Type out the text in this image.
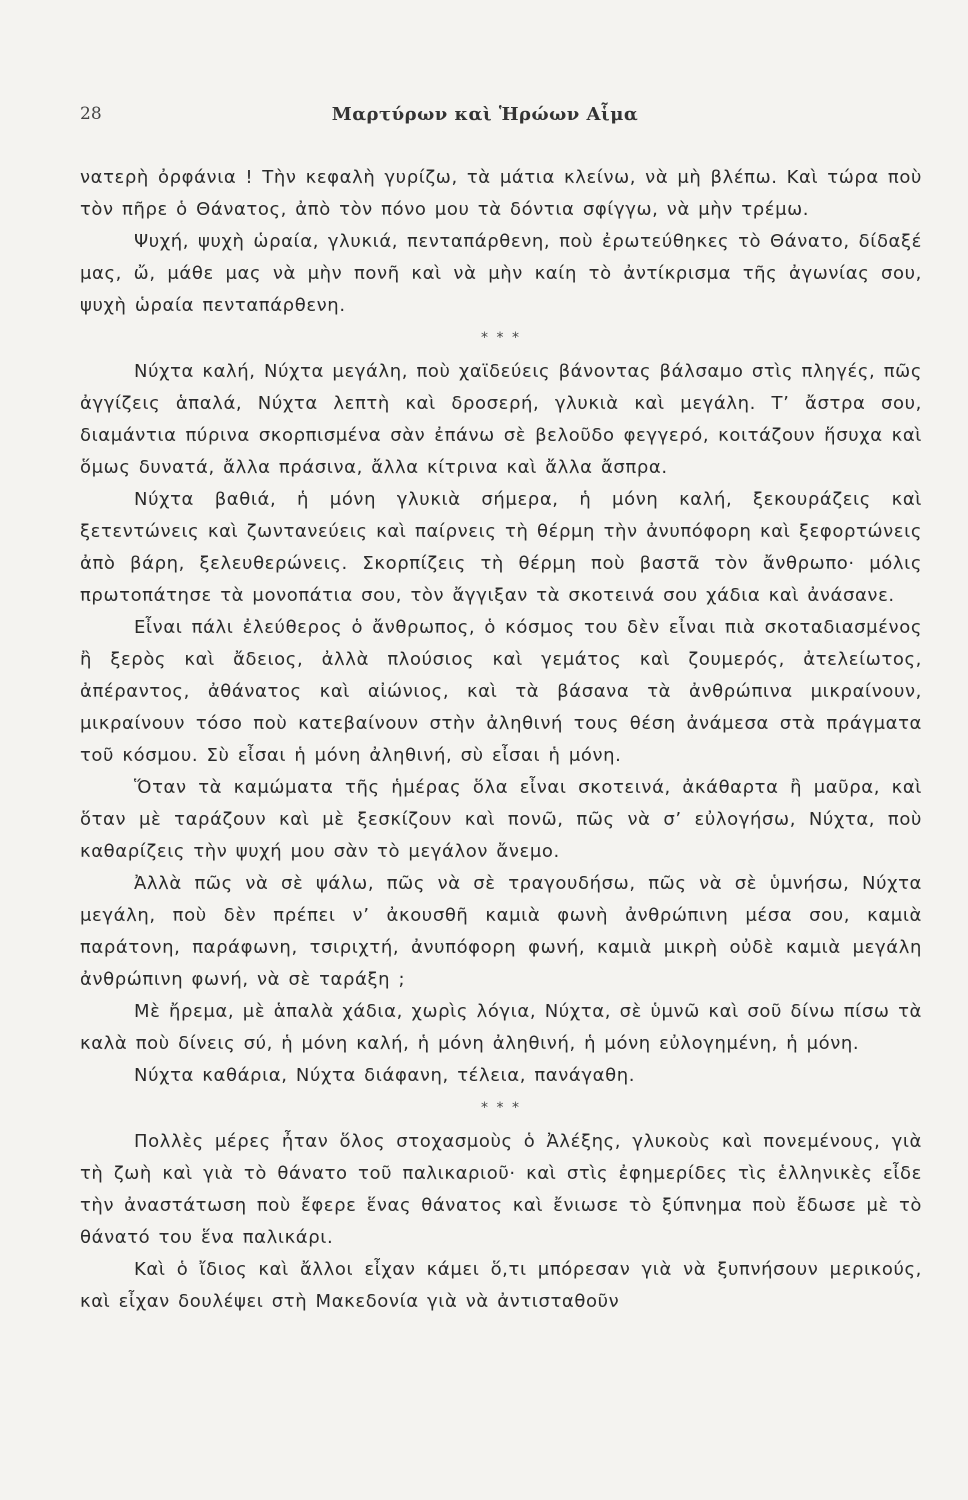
28	Μαρτύρων καὶ Ἡρώων Αἷμα

νατερὴ ὀρφάνια ! Τὴν κεφαλὴ γυρίζω, τὰ μάτια κλείνω, νὰ μὴ βλέπω. Καὶ τώρα ποὺ τὸν πῆρε ὁ Θάνατος, ἀπὸ τὸν πόνο μου τὰ δόντια σφίγγω, νὰ μὴν τρέμω.

Ψυχή, ψυχὴ ὡραία, γλυκιά, πενταπάρθενη, ποὺ ἐρωτεύθηκες τὸ Θάνατο, δίδαξέ μας, ὤ, μάθε μας νὰ μὴν πονῆ καὶ νὰ μὴν καίη τὸ ἀντίκρισμα τῆς ἀγωνίας σου, ψυχὴ ὡραία πενταπάρθενη.

* * *

Νύχτα καλή, Νύχτα μεγάλη, ποὺ χαϊδεύεις βάνοντας βάλσαμο στὶς πληγές, πῶς ἀγγίζεις ἁπαλά, Νύχτα λεπτὴ καὶ δροσερή, γλυκιὰ καὶ μεγάλη. Τ’ ἄστρα σου, διαμάντια πύρινα σκορπισμένα σὰν ἐπάνω σὲ βελοῦδο φεγγερό, κοιτάζουν ἥσυχα καὶ ὅμως δυνατά, ἄλλα πράσινα, ἄλλα κίτρινα καὶ ἄλλα ἄσπρα.

Νύχτα βαθιά, ἡ μόνη γλυκιὰ σήμερα, ἡ μόνη καλή, ξεκουράζεις καὶ ξετεντώνεις καὶ ζωντανεύεις καὶ παίρνεις τὴ θέρμη τὴν ἀνυπόφορη καὶ ξεφορτώνεις ἀπὸ βάρη, ξελευθερώνεις. Σκορπίζεις τὴ θέρμη ποὺ βαστᾶ τὸν ἄνθρωπο· μόλις πρωτοπάτησε τὰ μονοπάτια σου, τὸν ἄγγιξαν τὰ σκοτεινά σου χάδια καὶ ἀνάσανε.

Εἶναι πάλι ἐλεύθερος ὁ ἄνθρωπος, ὁ κόσμος του δὲν εἶναι πιὰ σκοταδιασμένος ἢ ξερὸς καὶ ἄδειος, ἀλλὰ πλούσιος καὶ γεμάτος καὶ ζουμερός, ἀτελείωτος, ἀπέραντος, ἀθάνατος καὶ αἰώνιος, καὶ τὰ βάσανα τὰ ἀνθρώπινα μικραίνουν, μικραίνουν τόσο ποὺ κατεβαίνουν στὴν ἀληθινή τους θέση ἀνάμεσα στὰ πράγματα τοῦ κόσμου. Σὺ εἶσαι ἡ μόνη ἀληθινή, σὺ εἶσαι ἡ μόνη.

Ὅταν τὰ καμώματα τῆς ἡμέρας ὅλα εἶναι σκοτεινά, ἀκάθαρτα ἢ μαῦρα, καὶ ὅταν μὲ ταράζουν καὶ μὲ ξεσκίζουν καὶ πονῶ, πῶς νὰ σ’ εὐλογήσω, Νύχτα, ποὺ καθαρίζεις τὴν ψυχή μου σὰν τὸ μεγάλον ἄνεμο.

Ἀλλὰ πῶς νὰ σὲ ψάλω, πῶς νὰ σὲ τραγουδήσω, πῶς νὰ σὲ ὑμνήσω, Νύχτα μεγάλη, ποὺ δὲν πρέπει ν’ ἀκουσθῆ καμιὰ φωνὴ ἀνθρώπινη μέσα σου, καμιὰ παράτονη, παράφωνη, τσιριχτή, ἀνυπόφορη φωνή, καμιὰ μικρὴ οὐδὲ καμιὰ μεγάλη ἀνθρώπινη φωνή, νὰ σὲ ταράξη ;

Μὲ ἤρεμα, μὲ ἁπαλὰ χάδια, χωρὶς λόγια, Νύχτα, σὲ ὑμνῶ καὶ σοῦ δίνω πίσω τὰ καλὰ ποὺ δίνεις σύ, ἡ μόνη καλή, ἡ μόνη ἀληθινή, ἡ μόνη εὐλογημένη, ἡ μόνη.

Νύχτα καθάρια, Νύχτα διάφανη, τέλεια, πανάγαθη.

* * *

Πολλὲς μέρες ἦταν ὅλος στοχασμοὺς ὁ Ἀλέξης, γλυκοὺς καὶ πονεμένους, γιὰ τὴ ζωὴ καὶ γιὰ τὸ θάνατο τοῦ παλικαριοῦ· καὶ στὶς ἐφημερίδες τὶς ἑλληνικὲς εἶδε τὴν ἀναστάτωση ποὺ ἔφερε ἕνας θάνατος καὶ ἔνιωσε τὸ ξύπνημα ποὺ ἔδωσε μὲ τὸ θάνατό του ἕνα παλικάρι.

Καὶ ὁ ἴδιος καὶ ἄλλοι εἶχαν κάμει ὅ,τι μπόρεσαν γιὰ νὰ ξυπνήσουν μερικούς, καὶ εἶχαν δουλέψει στὴ Μακεδονία γιὰ νὰ ἀντισταθοῦν
